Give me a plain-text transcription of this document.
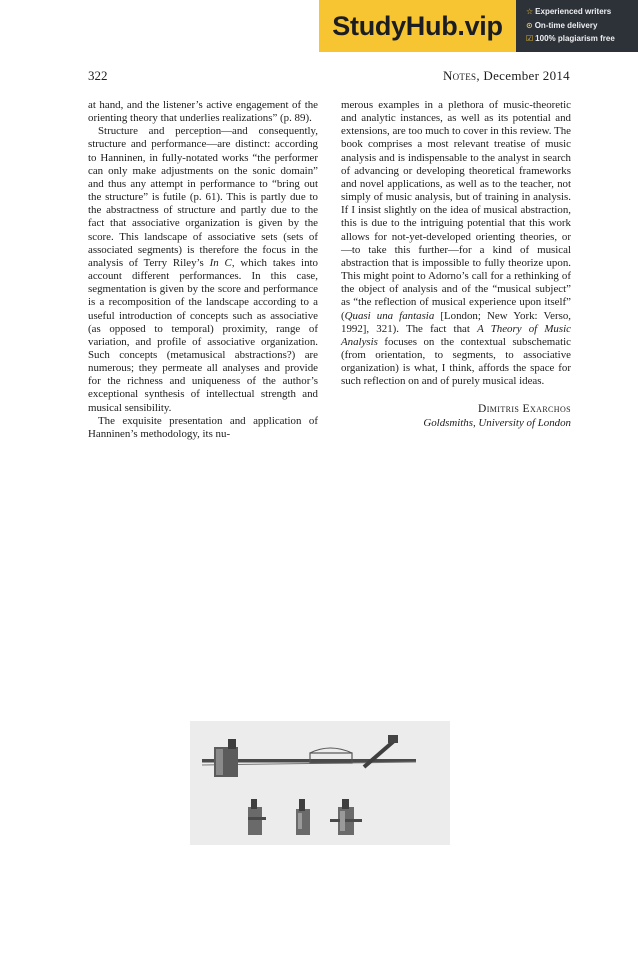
StudyHub.vip	☆ Experienced writers
⊙ On-time delivery
☑ 100% plagiarism free
322	Notes, December 2014

at hand, and the listener’s active engagement of the orienting theory that underlies realizations” (p. 89).

Structure and perception—and consequently, structure and performance—are distinct: according to Hanninen, in fully-notated works “the performer can only make adjustments on the sonic domain” and thus any attempt in performance to “bring out the structure” is futile (p. 61). This is partly due to the abstractness of structure and partly due to the fact that associative organization is given by the score. This landscape of associative sets (sets of associated segments) is therefore the focus in the analysis of Terry Riley’s In C, which takes into account different performances. In this case, segmentation is given by the score and performance is a recomposition of the landscape according to a useful introduction of concepts such as associative (as opposed to temporal) proximity, range of variation, and profile of associative organization. Such concepts (metamusical abstractions?) are numerous; they permeate all analyses and provide for the richness and uniqueness of the author’s exceptional synthesis of intellectual strength and musical sensibility.

The exquisite presentation and application of Hanninen’s methodology, its nu-

merous examples in a plethora of music-theoretic and analytic instances, as well as its potential and extensions, are too much to cover in this review. The book comprises a most relevant treatise of music analysis and is indispensable to the analyst in search of advancing or developing theoretical frameworks and novel applications, as well as to the teacher, not simply of music analysis, but of training in analysis. If I insist slightly on the idea of musical abstraction, this is due to the intriguing potential that this work allows for not-yet-developed orienting theories, or—to take this further—for a kind of musical abstraction that is impossible to fully theorize upon. This might point to Adorno’s call for a rethinking of the object of analysis and of the “musical subject” as “the reflection of musical experience upon itself” (Quasi una fantasia [London; New York: Verso, 1992], 321). The fact that A Theory of Music Analysis focuses on the contextual subschematic (from orientation, to segments, to associative organization) is what, I think, affords the space for such reflection on and of purely musical ideas.

Dimitris Exarchos
Goldsmiths, University of London
